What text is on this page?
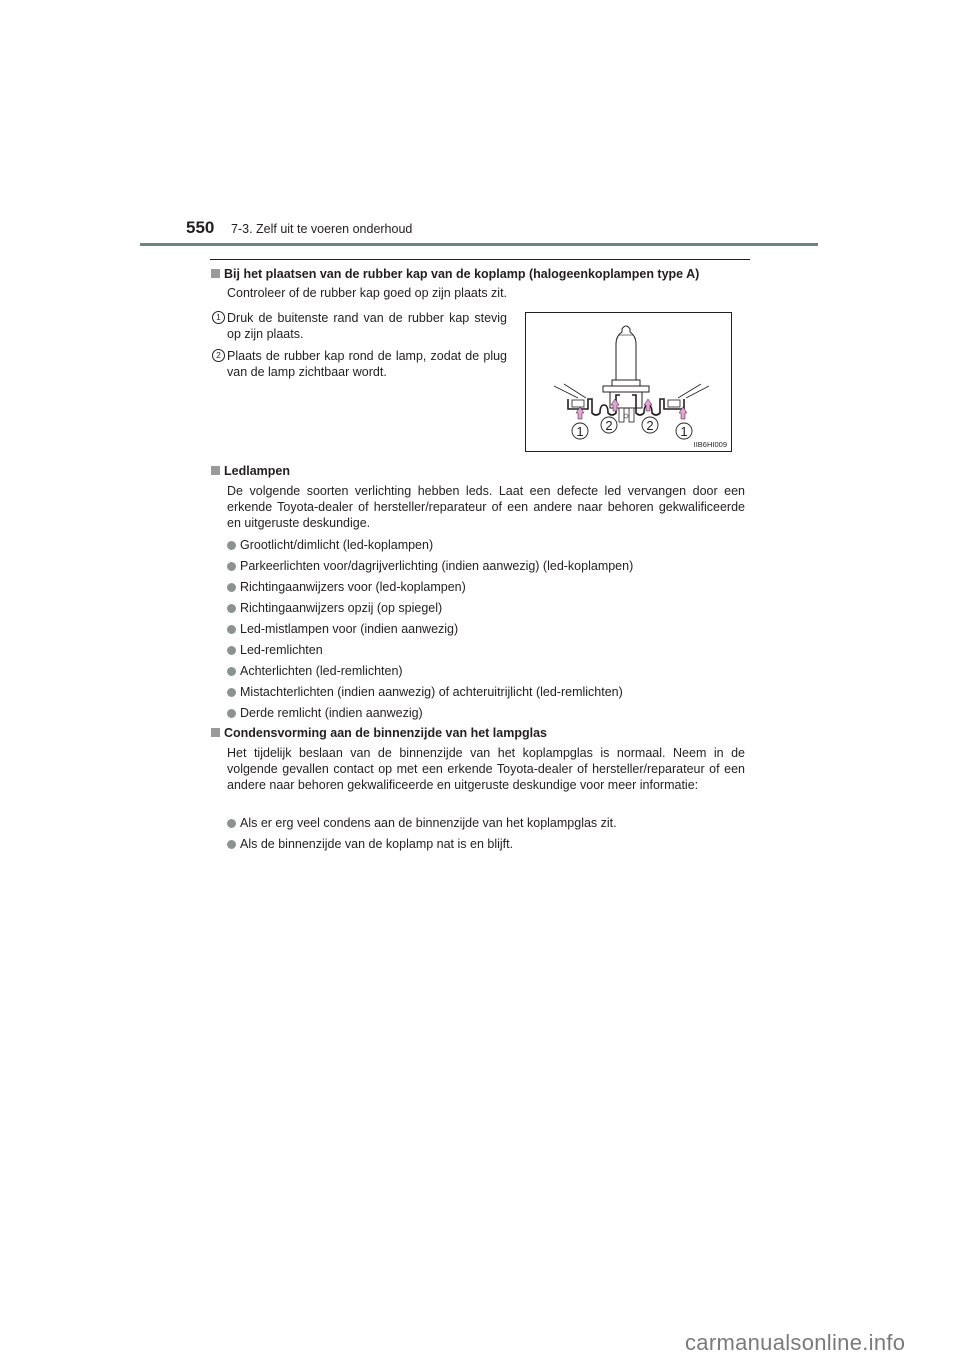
550 7-3. Zelf uit te voeren onderhoud
Bij het plaatsen van de rubber kap van de koplamp (halogeenkoplampen type A)
Controleer of de rubber kap goed op zijn plaats zit.
1 Druk de buitenste rand van de rubber kap stevig op zijn plaats.
2 Plaats de rubber kap rond de lamp, zodat de plug van de lamp zichtbaar wordt.
1 2	2 1
IIB6HI009
Ledlampen
De volgende soorten verlichting hebben leds. Laat een defecte led vervangen door een erkende Toyota-dealer of hersteller/reparateur of een andere naar behoren gekwalificeerde en uitgeruste deskundige.
Grootlicht/dimlicht (led-koplampen)
Parkeerlichten voor/dagrijverlichting (indien aanwezig) (led-koplampen)
Richtingaanwijzers voor (led-koplampen)
Richtingaanwijzers opzij (op spiegel)
Led-mistlampen voor (indien aanwezig)
Led-remlichten
Achterlichten (led-remlichten)
Mistachterlichten (indien aanwezig) of achteruitrijlicht (led-remlichten)
Derde remlicht (indien aanwezig)
Condensvorming aan de binnenzijde van het lampglas
Het tijdelijk beslaan van de binnenzijde van het koplampglas is normaal. Neem in de volgende gevallen contact op met een erkende Toyota-dealer of hersteller/reparateur of een andere naar behoren gekwalificeerde en uitgeruste deskundige voor meer informatie:
Als er erg veel condens aan de binnenzijde van het koplampglas zit.
Als de binnenzijde van de koplamp nat is en blijft.
carmanualsonline.info
